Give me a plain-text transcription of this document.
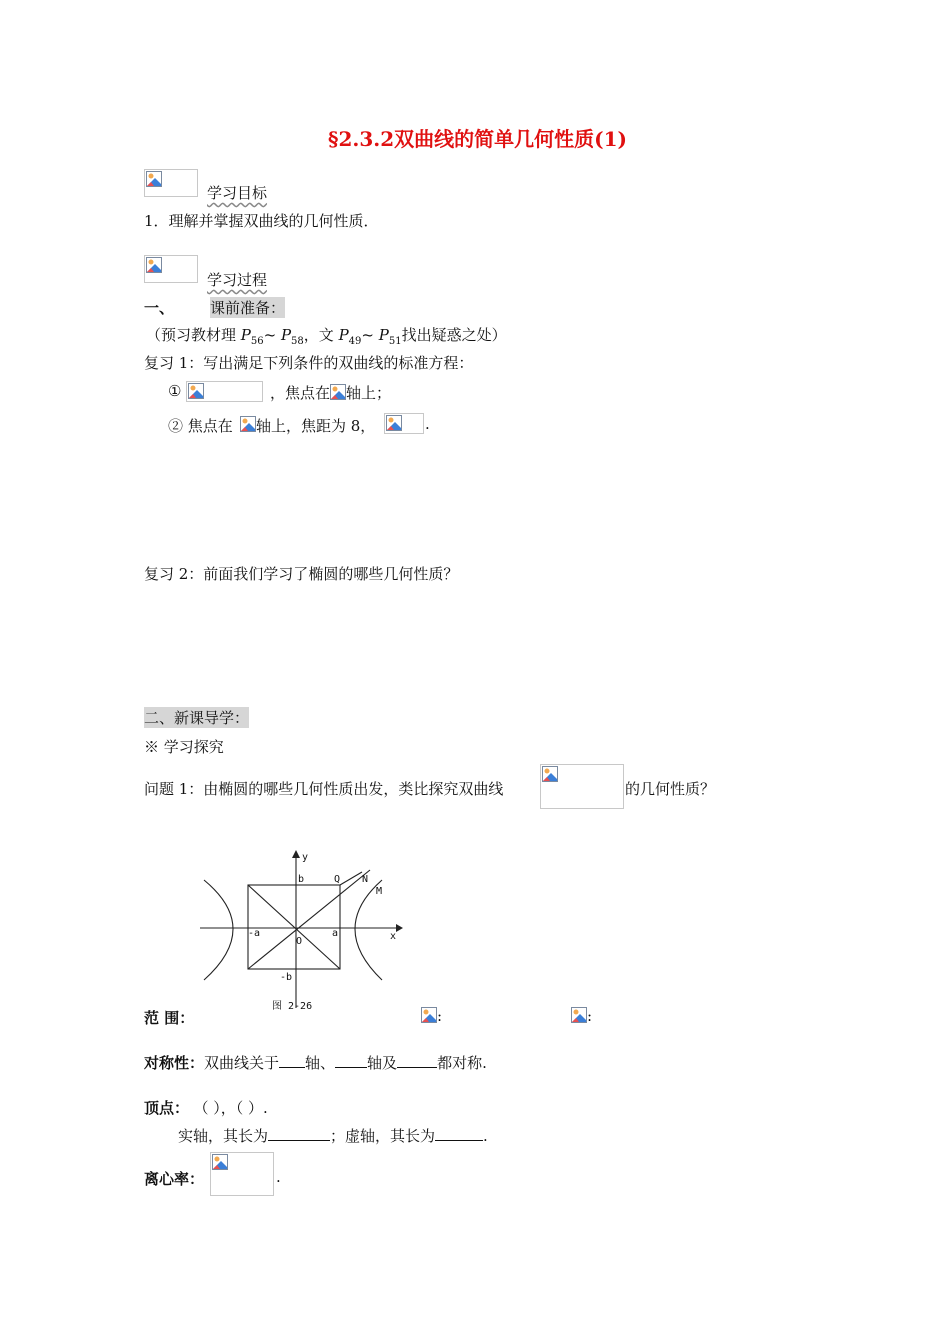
§2.3.2双曲线的简单几何性质(1)
学习目标
1．理解并掌握双曲线的几何性质．
学习过程
一、 课前准备：
（预习教材理 $P_{56}\sim$ $P_{58}$，文 $P_{49}\sim$ $P_{51}$找出疑惑之处）
复习 1：写出满足下列条件的双曲线的标准方程：
①	，焦点在 轴上；
② 焦点在 轴上，焦距为 8，	.
复习 2：前面我们学习了椭圆的哪些几何性质？
二、新课导学：
※ 学习探究
问题 1：由椭圆的哪些几何性质出发，类比探究双曲线	的几何性质？
y
x
b
-b
a
-a
O
Q N
M
图 2-26
范 围：	:	:
对称性：双曲线关于 轴、 轴及	都对称.
顶点： （ ），（ ）.
实轴，其长为	；虚轴，其长为	.
离心率：	.
